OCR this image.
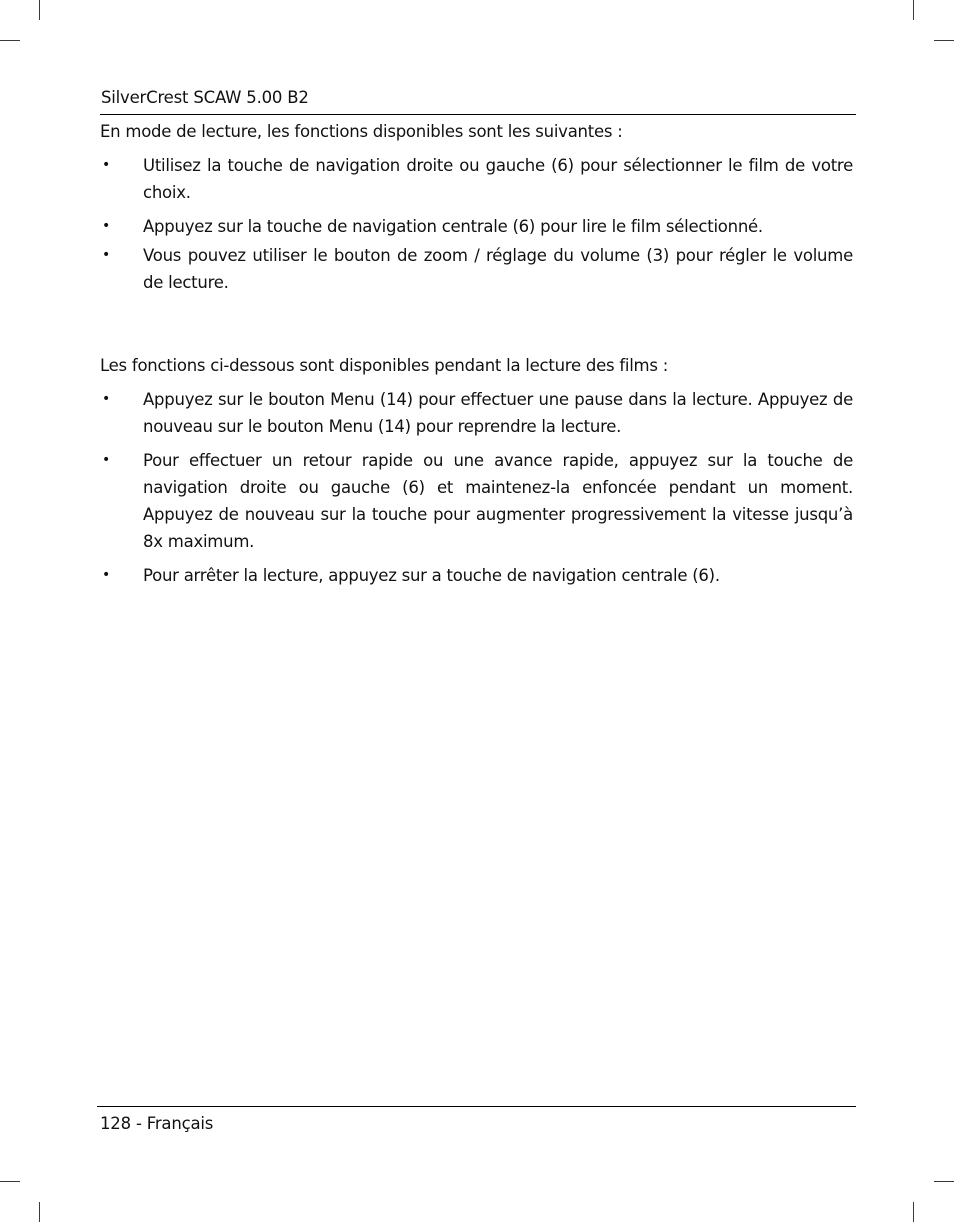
SilverCrest SCAW 5.00 B2

En mode de lecture, les fonctions disponibles sont les suivantes :

• Utilisez la touche de navigation droite ou gauche (6) pour sélectionner le film de votre choix.
• Appuyez sur la touche de navigation centrale (6) pour lire le film sélectionné.
• Vous pouvez utiliser le bouton de zoom / réglage du volume (3) pour régler le volume de lecture.

Les fonctions ci-dessous sont disponibles pendant la lecture des films :

• Appuyez sur le bouton Menu (14) pour effectuer une pause dans la lecture. Appuyez de nouveau sur le bouton Menu (14) pour reprendre la lecture.
• Pour effectuer un retour rapide ou une avance rapide, appuyez sur la touche de navigation droite ou gauche (6) et maintenez-la enfoncée pendant un moment. Appuyez de nouveau sur la touche pour augmenter progressivement la vitesse jusqu’à 8x maximum.
• Pour arrêter la lecture, appuyez sur a touche de navigation centrale (6).
128 - Français
